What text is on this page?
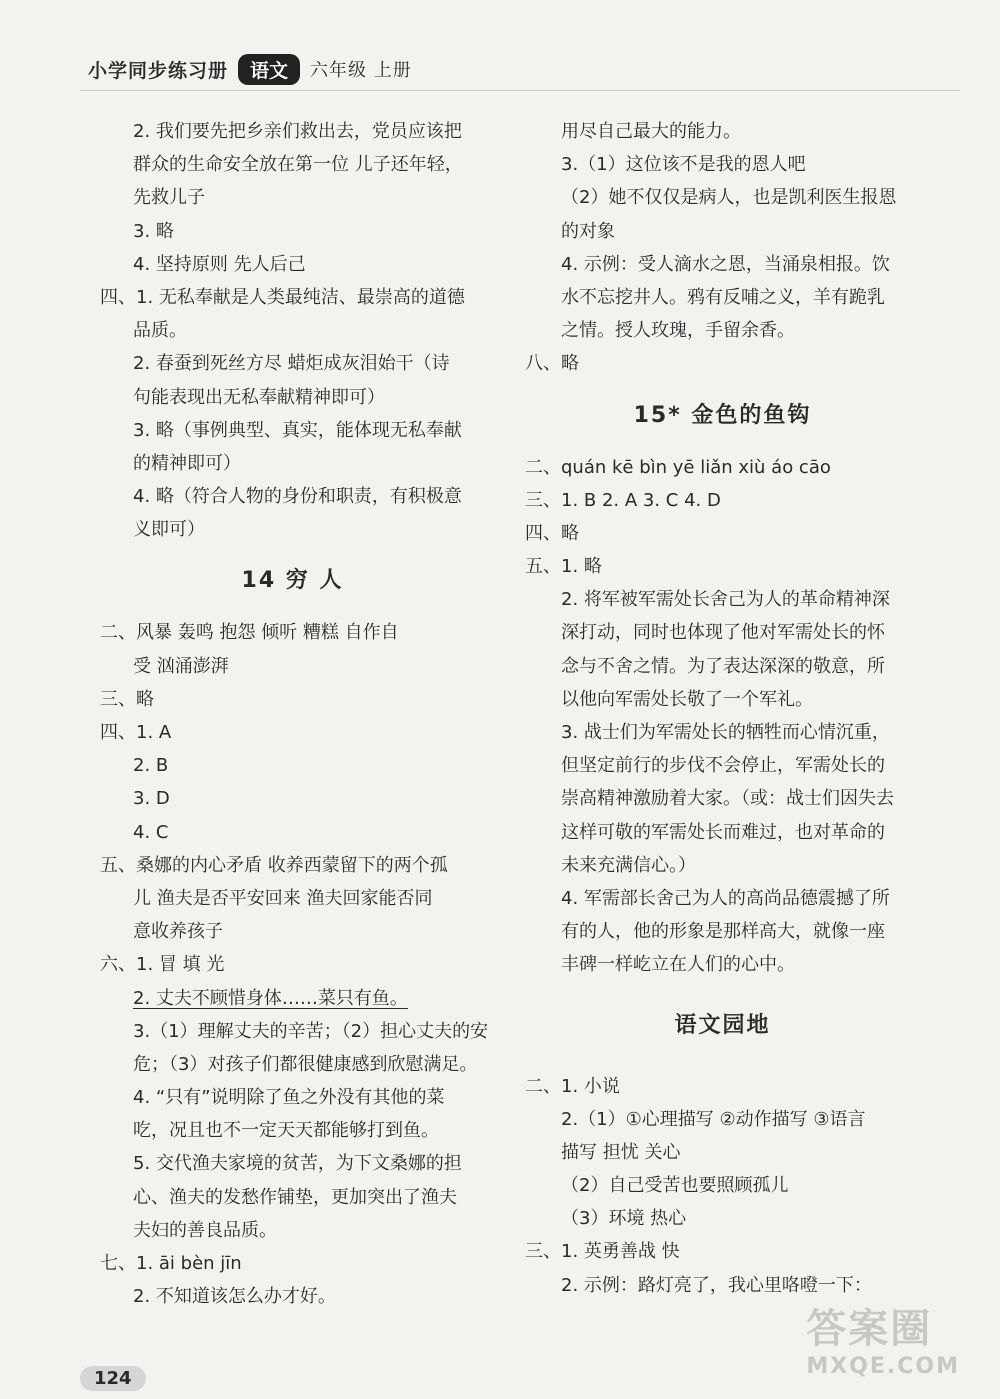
小学同步练习册	语文	六年级 上册
2. 我们要先把乡亲们救出去，党员应该把
群众的生命安全放在第一位 儿子还年轻，
先救儿子
3. 略
4. 坚持原则 先人后己
四、1. 无私奉献是人类最纯洁、最崇高的道德
品质。
2. 春蚕到死丝方尽 蜡炬成灰泪始干（诗
句能表现出无私奉献精神即可）
3. 略（事例典型、真实，能体现无私奉献
的精神即可）
4. 略（符合人物的身份和职责，有积极意
义即可）
14 穷 人
二、风暴 轰鸣 抱怨 倾听 糟糕 自作自
受 汹涌澎湃
三、略
四、1. A
2. B
3. D
4. C
五、桑娜的内心矛盾 收养西蒙留下的两个孤
儿 渔夫是否平安回来 渔夫回家能否同
意收养孩子
六、1. 冒 填 光
2. 丈夫不顾惜身体……菜只有鱼。
3.（1）理解丈夫的辛苦；（2）担心丈夫的安
危；（3）对孩子们都很健康感到欣慰满足。
4. “只有”说明除了鱼之外没有其他的菜
吃，况且也不一定天天都能够打到鱼。
5. 交代渔夫家境的贫苦，为下文桑娜的担
心、渔夫的发愁作铺垫，更加突出了渔夫
夫妇的善良品质。
七、1. āi bèn jīn
2. 不知道该怎么办才好。
用尽自己最大的能力。
3.（1）这位该不是我的恩人吧
（2）她不仅仅是病人，也是凯利医生报恩
的对象
4. 示例：受人滴水之恩，当涌泉相报。饮
水不忘挖井人。鸦有反哺之义，羊有跪乳
之情。授人玫瑰，手留余香。
八、略
15* 金色的鱼钩
二、quán kē bìn yē liǎn xiù áo cāo
三、1. B 2. A 3. C 4. D
四、略
五、1. 略
2. 将军被军需处长舍己为人的革命精神深
深打动，同时也体现了他对军需处长的怀
念与不舍之情。为了表达深深的敬意，所
以他向军需处长敬了一个军礼。
3. 战士们为军需处长的牺牲而心情沉重，
但坚定前行的步伐不会停止，军需处长的
崇高精神激励着大家。（或：战士们因失去
这样可敬的军需处长而难过，也对革命的
未来充满信心。）
4. 军需部长舍己为人的高尚品德震撼了所
有的人，他的形象是那样高大，就像一座
丰碑一样屹立在人们的心中。
语文园地
二、1. 小说
2.（1）①心理描写 ②动作描写 ③语言
描写 担忧 关心
（2）自己受苦也要照顾孤儿
（3）环境 热心
三、1. 英勇善战 快
2. 示例：路灯亮了，我心里咯噔一下：
124
答案圈
MXQE.COM
